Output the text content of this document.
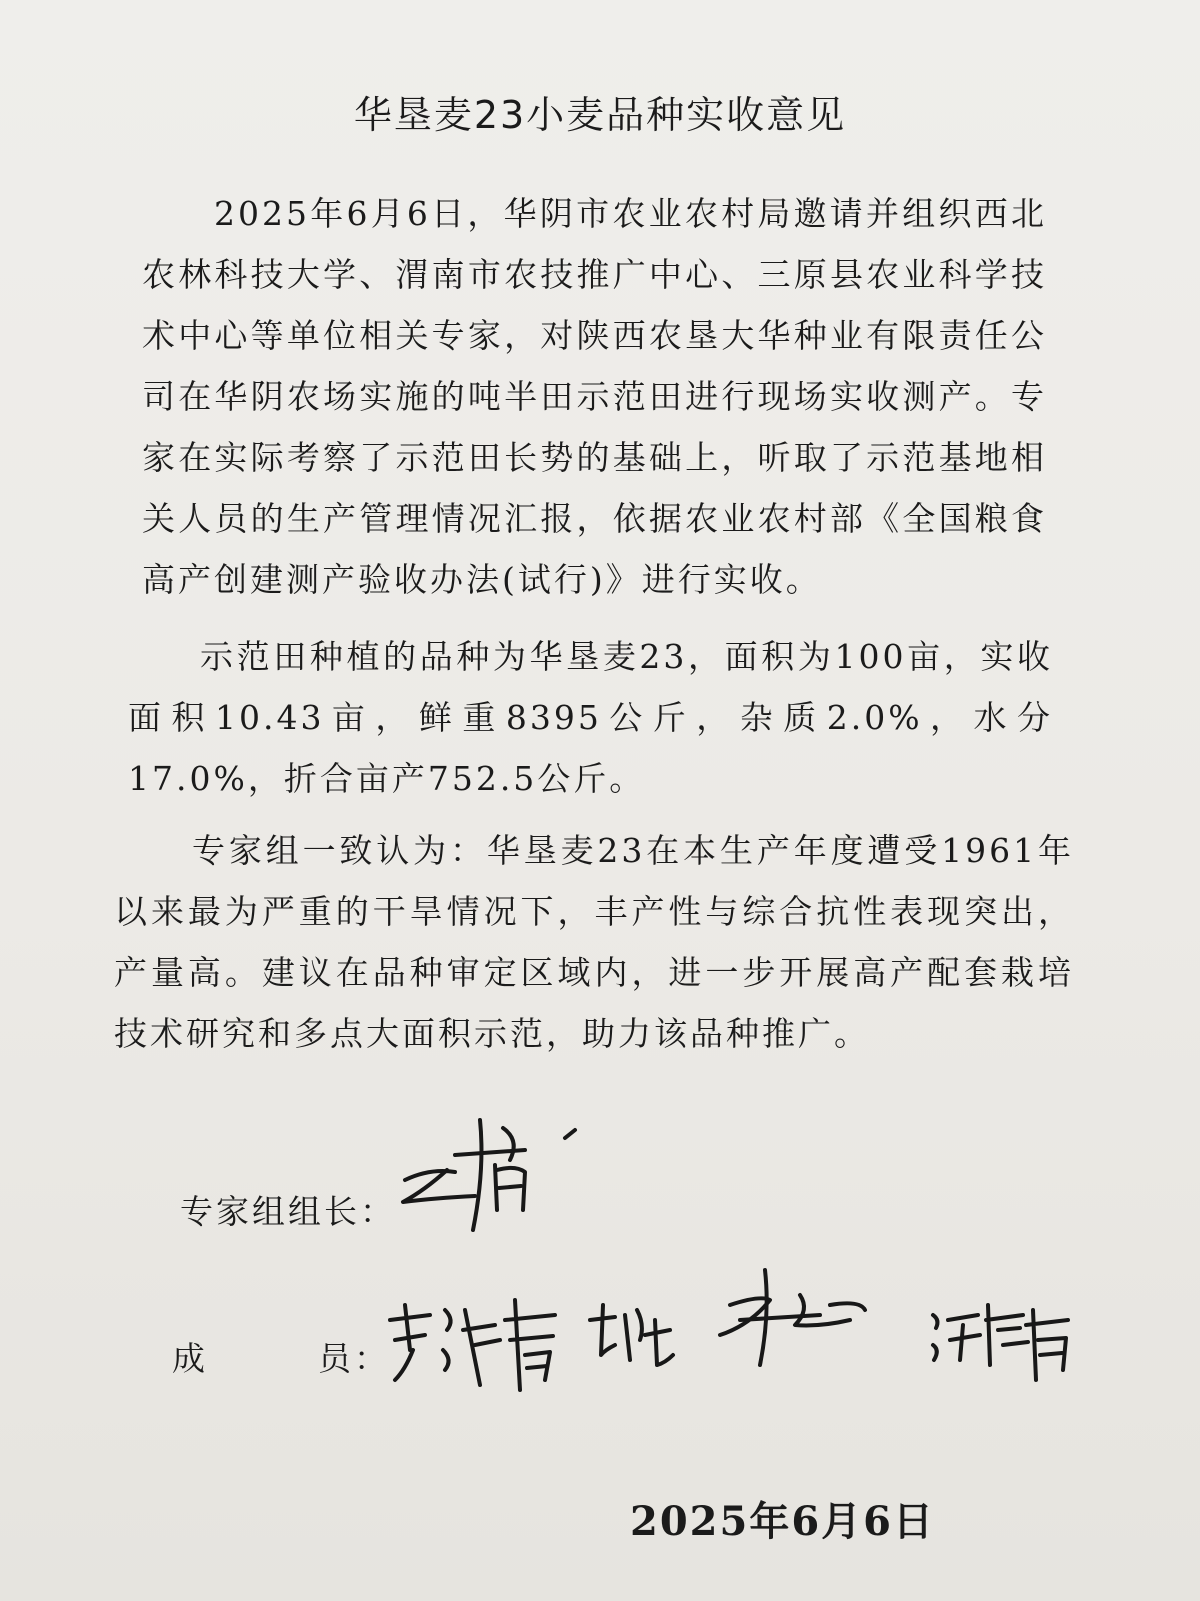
华垦麦23小麦品种实收意见

2025年6月6日，华阴市农业农村局邀请并组织西北农林科技大学、渭南市农技推广中心、三原县农业科学技术中心等单位相关专家，对陕西农垦大华种业有限责任公司在华阴农场实施的吨半田示范田进行现场实收测产。专家在实际考察了示范田长势的基础上，听取了示范基地相关人员的生产管理情况汇报，依据农业农村部《全国粮食高产创建测产验收办法(试行)》进行实收。

示范田种植的品种为华垦麦23，面积为100亩，实收面积10.43亩，鲜重8395公斤，杂质2.0%，水分17.0%，折合亩产752.5公斤。

专家组一致认为：华垦麦23在本生产年度遭受1961年以来最为严重的干旱情况下，丰产性与综合抗性表现突出，产量高。建议在品种审定区域内，进一步开展高产配套栽培技术研究和多点大面积示范，助力该品种推广。

专家组组长：
成	员：
2025年6月6日
